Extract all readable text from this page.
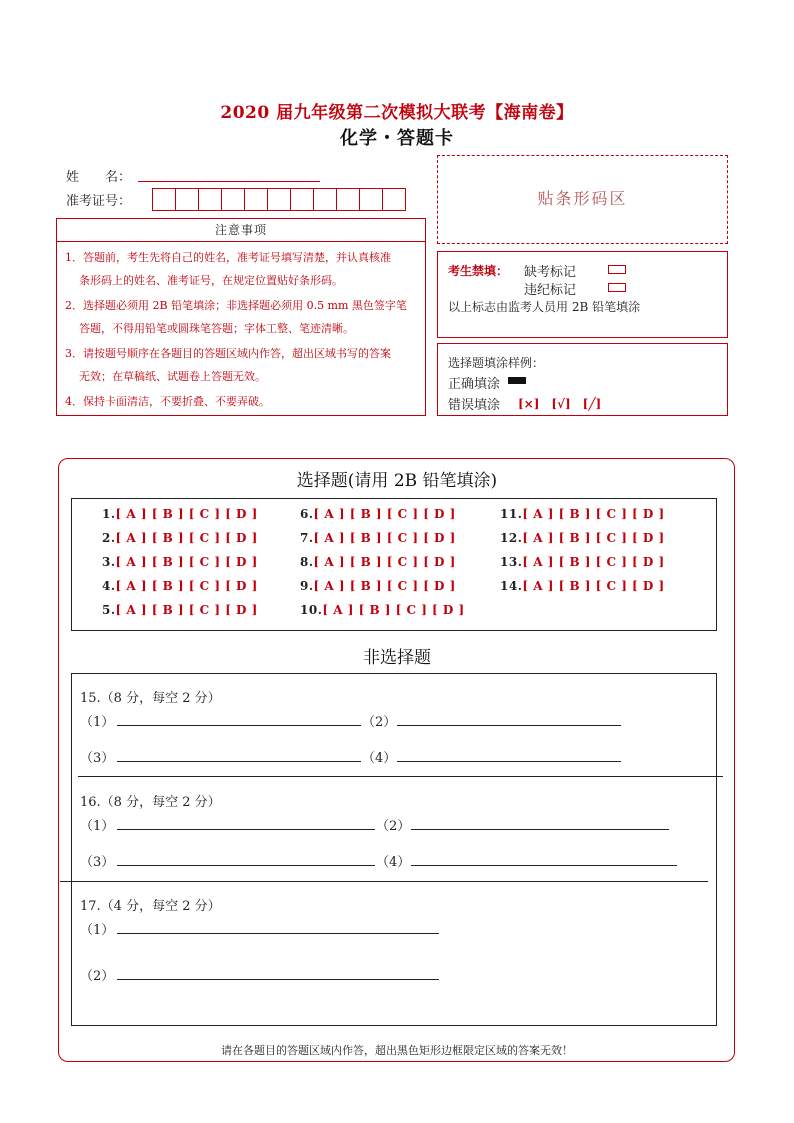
2020 届九年级第二次模拟大联考【海南卷】
化学・答题卡
姓　　名：
准考证号：	贴条形码区
注意事项

1．答题前，考生先将自己的姓名，准考证号填写清楚，并认真核准
条形码上的姓名、准考证号，在规定位置贴好条形码。

2．选择题必须用 2B 铅笔填涂；非选择题必须用 0.5 mm 黑色签字笔
答题，不得用铅笔或圆珠笔答题；字体工整、笔迹清晰。

3．请按题号顺序在各题目的答题区域内作答，超出区域书写的答案
无效；在草稿纸、试题卷上答题无效。

4．保持卡面清洁，不要折叠、不要弄破。

考生禁填： 缺考标记
违纪标记
以上标志由监考人员用 2B 铅笔填涂
选择题填涂样例：
正确填涂
错误填涂 [×]　[√]　[╱]
选择题(请用 2B 铅笔填涂)
1.[ A ] [ B ] [ C ] [ D ]
2.[ A ] [ B ] [ C ] [ D ]
3.[ A ] [ B ] [ C ] [ D ]
4.[ A ] [ B ] [ C ] [ D ]
5.[ A ] [ B ] [ C ] [ D ]
6.[ A ] [ B ] [ C ] [ D ]
7.[ A ] [ B ] [ C ] [ D ]
8.[ A ] [ B ] [ C ] [ D ]
9.[ A ] [ B ] [ C ] [ D ]
10.[ A ] [ B ] [ C ] [ D ]
11.[ A ] [ B ] [ C ] [ D ]
12.[ A ] [ B ] [ C ] [ D ]
13.[ A ] [ B ] [ C ] [ D ]
14.[ A ] [ B ] [ C ] [ D ]
非选择题
15.（8 分，每空 2 分）
（1）	（2）
（3）	（4）
16.（8 分，每空 2 分）
（1）	（2）
（3）	（4）
17.（4 分，每空 2 分）
（1）
（2）
请在各题目的答题区域内作答，超出黑色矩形边框限定区域的答案无效！
